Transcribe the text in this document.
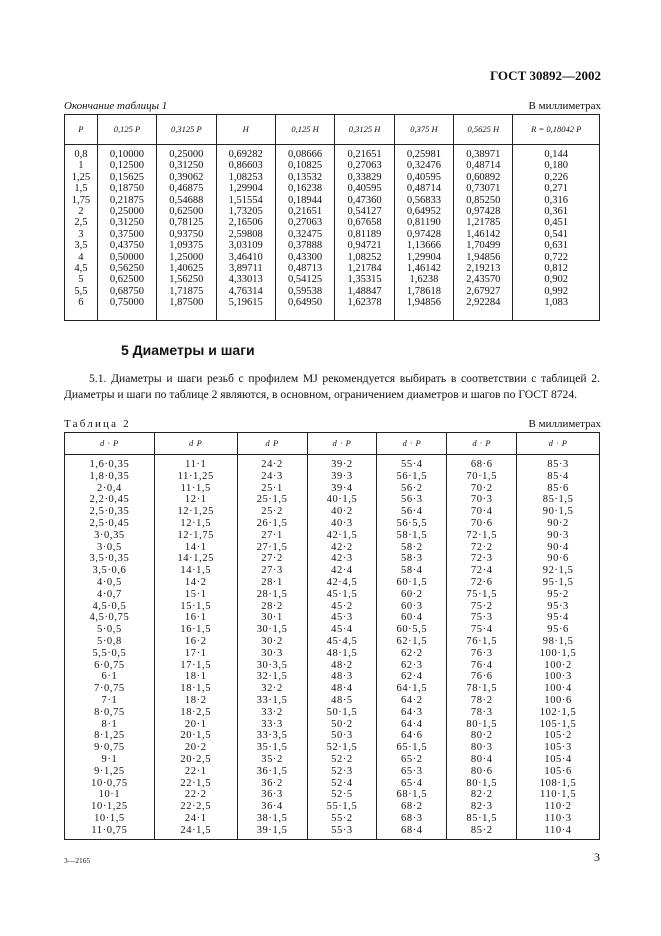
ГОСТ 30892—2002
Окончание таблицы 1	В миллиметрах
P	0,125 P	0,3125 P	H	0,125 H	0,3125 H	0,375 H	0,5625 H	R = 0,18042 P
0,8	0,10000	0,25000	0,69282	0,08666	0,21651	0,25981	0,38971	0,144
1	0,12500	0,31250	0,86603	0,10825	0,27063	0,32476	0,48714	0,180
1,25	0,15625	0,39062	1,08253	0,13532	0,33829	0,40595	0,60892	0,226
1,5	0,18750	0,46875	1,29904	0,16238	0,40595	0,48714	0,73071	0,271
1,75	0,21875	0,54688	1,51554	0,18944	0,47360	0,56833	0,85250	0,316
2	0,25000	0,62500	1,73205	0,21651	0,54127	0,64952	0,97428	0,361
2,5	0,31250	0,78125	2,16506	0,27063	0,67658	0,81190	1,21785	0,451
3	0,37500	0,93750	2,59808	0,32475	0,81189	0,97428	1,46142	0,541
3,5	0,43750	1,09375	3,03109	0,37888	0,94721	1,13666	1,70499	0,631
4	0,50000	1,25000	3,46410	0,43300	1,08252	1,29904	1,94856	0,722
4,5	0,56250	1,40625	3,89711	0,48713	1,21784	1,46142	2,19213	0,812
5	0,62500	1,56250	4,33013	0,54125	1,35315	1,6238	2,43570	0,902
5,5	0,68750	1,71875	4,76314	0,59538	1,48847	1,78618	2,67927	0,992
6	0,75000	1,87500	5,19615	0,64950	1,62378	1,94856	2,92284	1,083
5 Диаметры и шаги
5.1. Диаметры и шаги резьб с профилем MJ рекомендуется выбирать в соответствии с таблицей 2. Диаметры и шаги по таблице 2 являются, в основном, ограничением диаметров и шагов по ГОСТ 8724.
Таблица 2	В миллиметрах
d · P	d P	d P	d · P	d · P	d · P	d · P
1,6·0,35	11·1	24·2	39·2	55·4	68·6	85·3
1,8·0,35	11·1,25	24·3	39·3	56·1,5	70·1,5	85·4
2·0,4	11·1,5	25·1	39·4	56·2	70·2	85·6
2,2·0,45	12·1	25·1,5	40·1,5	56·3	70·3	85·1,5
2,5·0,35	12·1,25	25·2	40·2	56·4	70·4	90·1,5
2,5·0,45	12·1,5	26·1,5	40·3	56·5,5	70·6	90·2
3·0,35	12·1,75	27·1	42·1,5	58·1,5	72·1,5	90·3
3·0,5	14·1	27·1,5	42·2	58·2	72·2	90·4
3,5·0,35	14·1,25	27·2	42·3	58·3	72·3	90·6
3,5·0,6	14·1,5	27·3	42·4	58·4	72·4	92·1,5
4·0,5	14·2	28·1	42·4,5	60·1,5	72·6	95·1,5
4·0,7	15·1	28·1,5	45·1,5	60·2	75·1,5	95·2
4,5·0,5	15·1,5	28·2	45·2	60·3	75·2	95·3
4,5·0,75	16·1	30·1	45·3	60·4	75·3	95·4
5·0,5	16·1,5	30·1,5	45·4	60·5,5	75·4	95·6
5·0,8	16·2	30·2	45·4,5	62·1,5	76·1,5	98·1,5
5,5·0,5	17·1	30·3	48·1,5	62·2	76·3	100·1,5
6·0,75	17·1,5	30·3,5	48·2	62·3	76·4	100·2
6·1	18·1	32·1,5	48·3	62·4	76·6	100·3
7·0,75	18·1,5	32·2	48·4	64·1,5	78·1,5	100·4
7·1	18·2	33·1,5	48·5	64·2	78·2	100·6
8·0,75	18·2,5	33·2	50·1,5	64·3	78·3	102·1,5
8·1	20·1	33·3	50·2	64·4	80·1,5	105·1,5
8·1,25	20·1,5	33·3,5	50·3	64·6	80·2	105·2
9·0,75	20·2	35·1,5	52·1,5	65·1,5	80·3	105·3
9·1	20·2,5	35·2	52·2	65·2	80·4	105·4
9·1,25	22·1	36·1,5	52·3	65·3	80·6	105·6
10·0,75	22·1,5	36·2	52·4	65·4	80·1,5	108·1,5
10·1	22·2	36·3	52·5	68·1,5	82·2	110·1,5
10·1,25	22·2,5	36·4	55·1,5	68·2	82·3	110·2
10·1,5	24·1	38·1,5	55·2	68·3	85·1,5	110·3
11·0,75	24·1,5	39·1,5	55·3	68·4	85·2	110·4
3—2165	3
